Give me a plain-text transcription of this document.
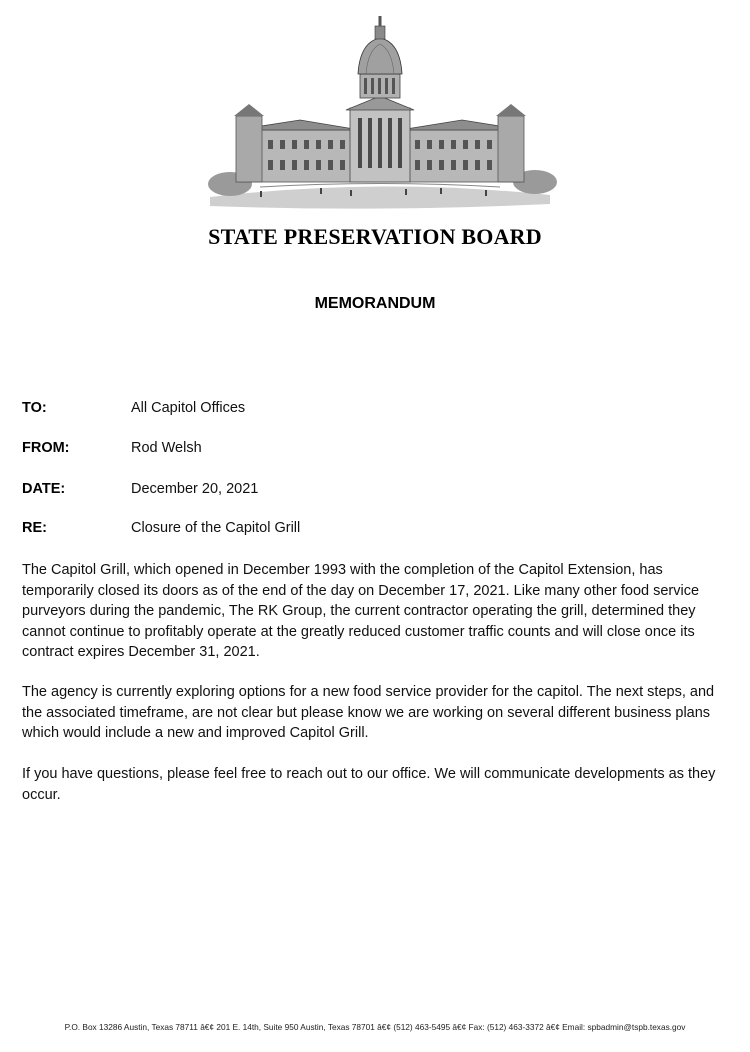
STATE PRESERVATION BOARD
MEMORANDUM
TO:	All Capitol Offices
FROM:	Rod Welsh
DATE:	December 20, 2021
RE:	Closure of the Capitol Grill

The Capitol Grill, which opened in December 1993 with the completion of the Capitol Extension, has temporarily closed its doors as of the end of the day on December 17, 2021. Like many other food service purveyors during the pandemic, The RK Group, the current contractor operating the grill, determined they cannot continue to profitably operate at the greatly reduced customer traffic counts and will close once its contract expires December 31, 2021.

The agency is currently exploring options for a new food service provider for the capitol. The next steps, and the associated timeframe, are not clear but please know we are working on several different business plans which would include a new and improved Capitol Grill.

If you have questions, please feel free to reach out to our office. We will communicate developments as they occur.

P.O. Box 13286 Austin, Texas 78711 â€¢ 201 E. 14th, Suite 950 Austin, Texas 78701 â€¢ (512) 463-5495 â€¢ Fax: (512) 463-3372 â€¢ Email: spbadmin@tspb.texas.gov
